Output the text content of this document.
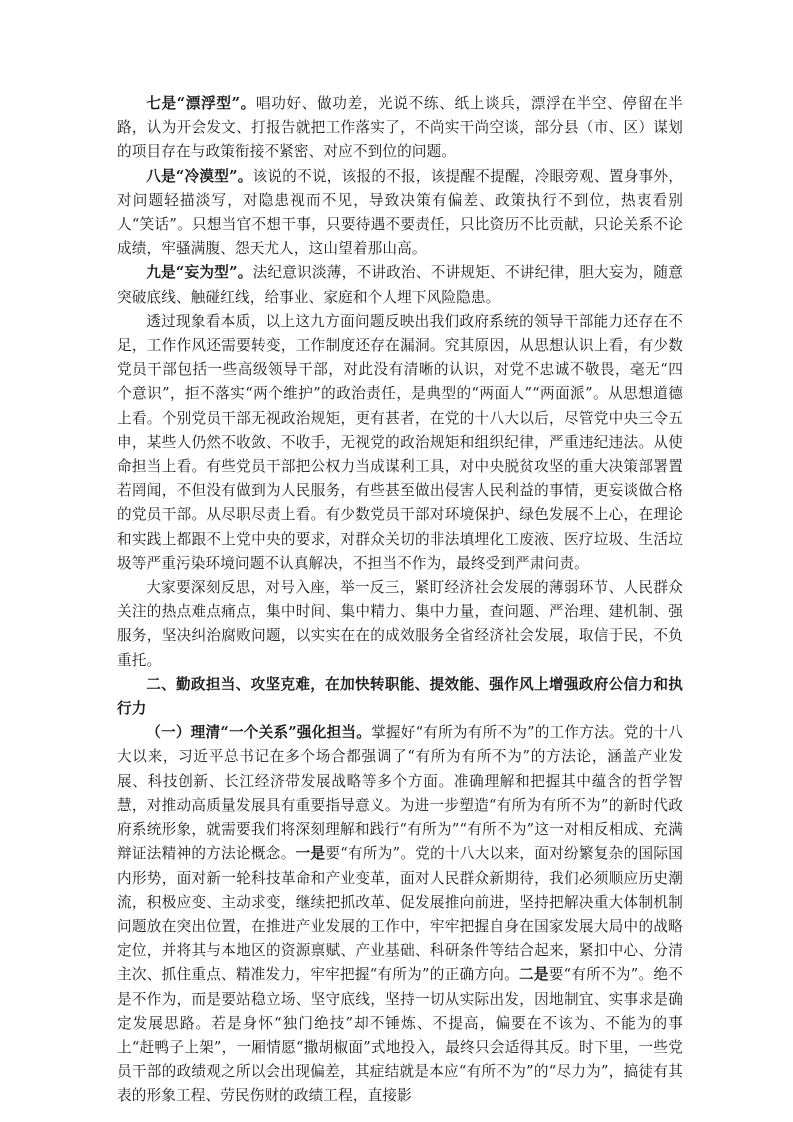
七是“漂浮型”。唱功好、做功差，光说不练、纸上谈兵，漂浮在半空、停留在半路，认为开会发文、打报告就把工作落实了，不尚实干尚空谈，部分县（市、区）谋划的项目存在与政策衔接不紧密、对应不到位的问题。

八是“冷漠型”。该说的不说，该报的不报，该提醒不提醒，冷眼旁观、置身事外，对问题轻描淡写，对隐患视而不见，导致决策有偏差、政策执行不到位，热衷看别人“笑话”。只想当官不想干事，只要待遇不要责任，只比资历不比贡献，只论关系不论成绩，牢骚满腹、怨天尤人，这山望着那山高。

九是“妄为型”。法纪意识淡薄，不讲政治、不讲规矩、不讲纪律，胆大妄为，随意突破底线、触碰红线，给事业、家庭和个人埋下风险隐患。

透过现象看本质，以上这九方面问题反映出我们政府系统的领导干部能力还存在不足，工作作风还需要转变，工作制度还存在漏洞。究其原因，从思想认识上看，有少数党员干部包括一些高级领导干部，对此没有清晰的认识，对党不忠诚不敬畏，毫无“四个意识”，拒不落实“两个维护”的政治责任，是典型的“两面人”“两面派”。从思想道德上看。个别党员干部无视政治规矩，更有甚者，在党的十八大以后，尽管党中央三令五申，某些人仍然不收敛、不收手，无视党的政治规矩和组织纪律，严重违纪违法。从使命担当上看。有些党员干部把公权力当成谋利工具，对中央脱贫攻坚的重大决策部署置若罔闻，不但没有做到为人民服务，有些甚至做出侵害人民利益的事情，更妄谈做合格的党员干部。从尽职尽责上看。有少数党员干部对环境保护、绿色发展不上心，在理论和实践上都跟不上党中央的要求，对群众关切的非法填埋化工废液、医疗垃圾、生活垃圾等严重污染环境问题不认真解决，不担当不作为，最终受到严肃问责。

大家要深刻反思，对号入座，举一反三，紧盯经济社会发展的薄弱环节、人民群众关注的热点难点痛点，集中时间、集中精力、集中力量，查问题、严治理、建机制、强服务，坚决纠治腐败问题，以实实在在的成效服务全省经济社会发展，取信于民，不负重托。

二、勤政担当、攻坚克难，在加快转职能、提效能、强作风上增强政府公信力和执行力

（一）理清“一个关系”强化担当。掌握好“有所为有所不为”的工作方法。党的十八大以来，习近平总书记在多个场合都强调了“有所为有所不为”的方法论，涵盖产业发展、科技创新、长江经济带发展战略等多个方面。准确理解和把握其中蕴含的哲学智慧，对推动高质量发展具有重要指导意义。为进一步塑造“有所为有所不为”的新时代政府系统形象，就需要我们将深刻理解和践行“有所为”“有所不为”这一对相反相成、充满辩证法精神的方法论概念。一是要“有所为”。党的十八大以来，面对纷繁复杂的国际国内形势，面对新一轮科技革命和产业变革，面对人民群众新期待，我们必须顺应历史潮流，积极应变、主动求变，继续把抓改革、促发展推向前进，坚持把解决重大体制机制问题放在突出位置，在推进产业发展的工作中，牢牢把握自身在国家发展大局中的战略定位，并将其与本地区的资源禀赋、产业基础、科研条件等结合起来，紧扣中心、分清主次、抓住重点、精准发力，牢牢把握“有所为”的正确方向。二是要“有所不为”。绝不是不作为，而是要站稳立场、坚守底线，坚持一切从实际出发，因地制宜、实事求是确定发展思路。若是身怀“独门绝技”却不锤炼、不提高，偏要在不该为、不能为的事上“赶鸭子上架”，一厢情愿“撒胡椒面”式地投入，最终只会适得其反。时下里，一些党员干部的政绩观之所以会出现偏差，其症结就是本应“有所不为”的“尽力为”，搞徒有其表的形象工程、劳民伤财的政绩工程，直接影
